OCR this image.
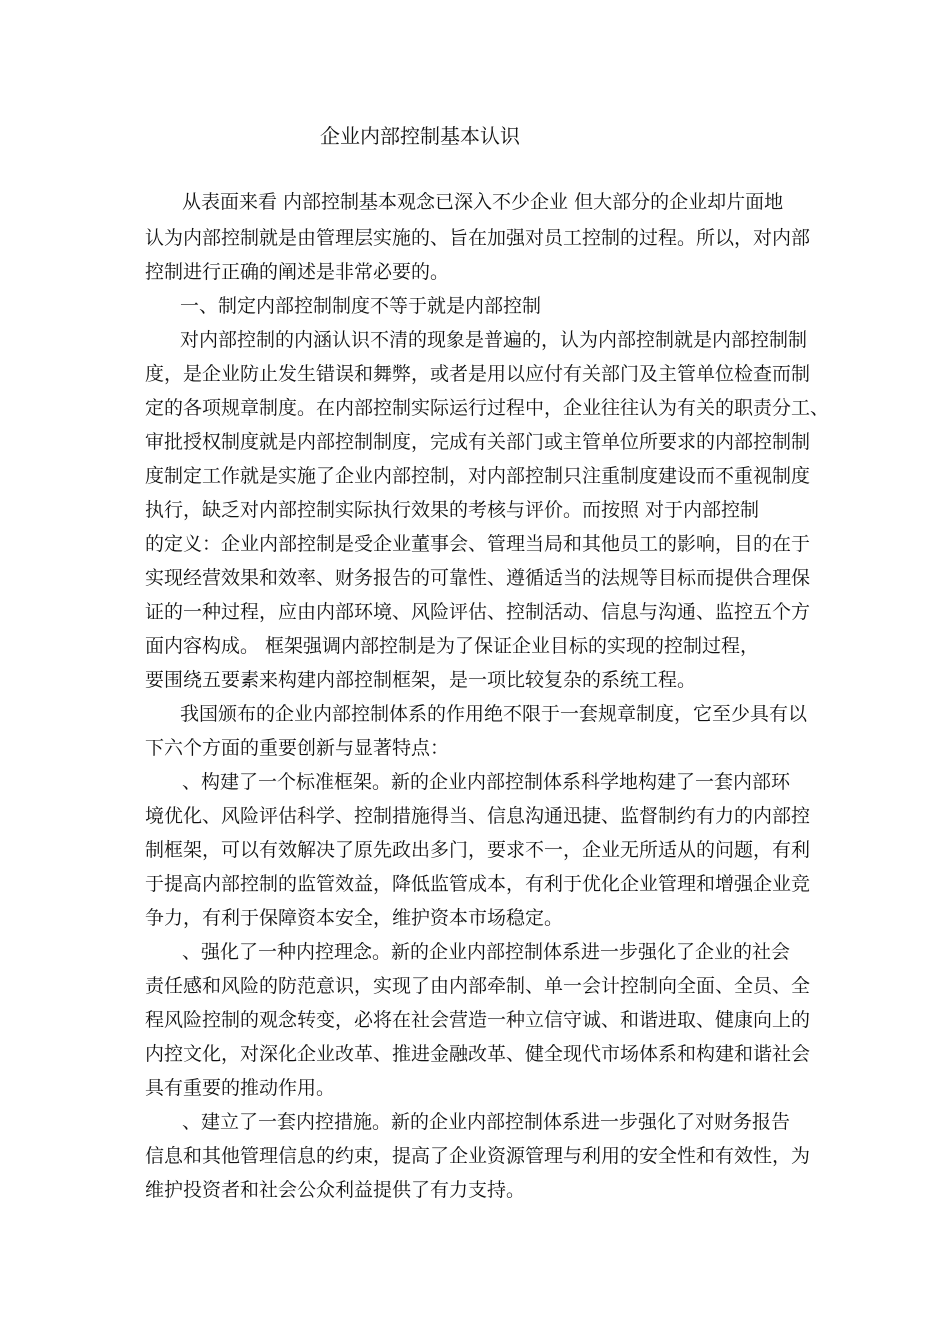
企业内部控制基本认识
从表面来看 内部控制基本观念已深入不少企业 但大部分的企业却片面地
认为内部控制就是由管理层实施的、旨在加强对员工控制的过程。所以，对内部
控制进行正确的阐述是非常必要的。
一、制定内部控制制度不等于就是内部控制
对内部控制的内涵认识不清的现象是普遍的，认为内部控制就是内部控制制
度，是企业防止发生错误和舞弊，或者是用以应付有关部门及主管单位检查而制
定的各项规章制度。在内部控制实际运行过程中，企业往往认为有关的职责分工、
审批授权制度就是内部控制制度，完成有关部门或主管单位所要求的内部控制制
度制定工作就是实施了企业内部控制，对内部控制只注重制度建设而不重视制度
执行，缺乏对内部控制实际执行效果的考核与评价。而按照 对于内部控制
的定义：企业内部控制是受企业董事会、管理当局和其他员工的影响，目的在于
实现经营效果和效率、财务报告的可靠性、遵循适当的法规等目标而提供合理保
证的一种过程，应由内部环境、风险评估、控制活动、信息与沟通、监控五个方
面内容构成。 框架强调内部控制是为了保证企业目标的实现的控制过程，
要围绕五要素来构建内部控制框架，是一项比较复杂的系统工程。
我国颁布的企业内部控制体系的作用绝不限于一套规章制度，它至少具有以
下六个方面的重要创新与显著特点：
、构建了一个标准框架。新的企业内部控制体系科学地构建了一套内部环
境优化、风险评估科学、控制措施得当、信息沟通迅捷、监督制约有力的内部控
制框架，可以有效解决了原先政出多门，要求不一，企业无所适从的问题，有利
于提高内部控制的监管效益，降低监管成本，有利于优化企业管理和增强企业竞
争力，有利于保障资本安全，维护资本市场稳定。
、强化了一种内控理念。新的企业内部控制体系进一步强化了企业的社会
责任感和风险的防范意识，实现了由内部牵制、单一会计控制向全面、全员、全
程风险控制的观念转变，必将在社会营造一种立信守诚、和谐进取、健康向上的
内控文化，对深化企业改革、推进金融改革、健全现代市场体系和构建和谐社会
具有重要的推动作用。
、建立了一套内控措施。新的企业内部控制体系进一步强化了对财务报告
信息和其他管理信息的约束，提高了企业资源管理与利用的安全性和有效性，为
维护投资者和社会公众利益提供了有力支持。
